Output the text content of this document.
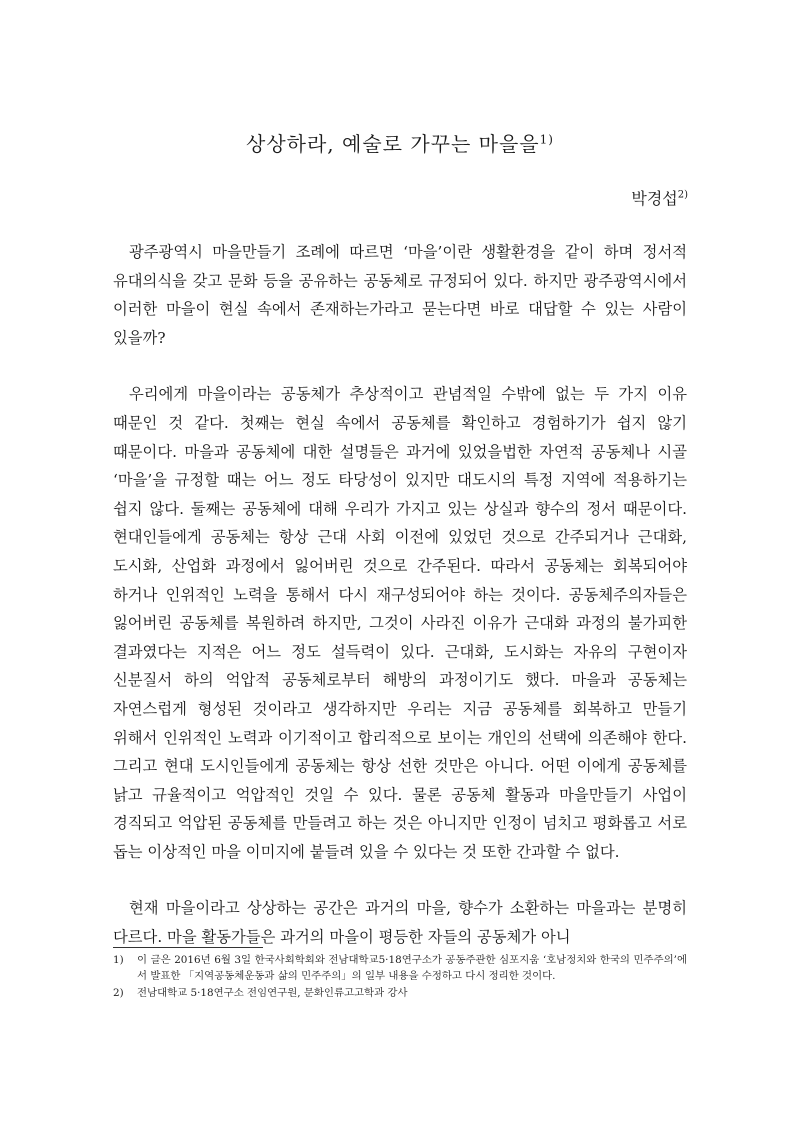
상상하라, 예술로 가꾸는 마을을$^{1)}$
박경섭$^{2)}$

광주광역시 마을만들기 조례에 따르면 ‘마을’이란 생활환경을 같이 하며 정서적 유대의식을 갖고 문화 등을 공유하는 공동체로 규정되어 있다. 하지만 광주광역시에서 이러한 마을이 현실 속에서 존재하는가라고 묻는다면 바로 대답할 수 있는 사람이 있을까?

우리에게 마을이라는 공동체가 추상적이고 관념적일 수밖에 없는 두 가지 이유 때문인 것 같다. 첫째는 현실 속에서 공동체를 확인하고 경험하기가 쉽지 않기 때문이다. 마을과 공동체에 대한 설명들은 과거에 있었을법한 자연적 공동체나 시골 ‘마을’을 규정할 때는 어느 정도 타당성이 있지만 대도시의 특정 지역에 적용하기는 쉽지 않다. 둘째는 공동체에 대해 우리가 가지고 있는 상실과 향수의 정서 때문이다. 현대인들에게 공동체는 항상 근대 사회 이전에 있었던 것으로 간주되거나 근대화, 도시화, 산업화 과정에서 잃어버린 것으로 간주된다. 따라서 공동체는 회복되어야 하거나 인위적인 노력을 통해서 다시 재구성되어야 하는 것이다. 공동체주의자들은 잃어버린 공동체를 복원하려 하지만, 그것이 사라진 이유가 근대화 과정의 불가피한 결과였다는 지적은 어느 정도 설득력이 있다. 근대화, 도시화는 자유의 구현이자 신분질서 하의 억압적 공동체로부터 해방의 과정이기도 했다. 마을과 공동체는 자연스럽게 형성된 것이라고 생각하지만 우리는 지금 공동체를 회복하고 만들기 위해서 인위적인 노력과 이기적이고 합리적으로 보이는 개인의 선택에 의존해야 한다. 그리고 현대 도시인들에게 공동체는 항상 선한 것만은 아니다. 어떤 이에게 공동체를 낡고 규율적이고 억압적인 것일 수 있다. 물론 공동체 활동과 마을만들기 사업이 경직되고 억압된 공동체를 만들려고 하는 것은 아니지만 인정이 넘치고 평화롭고 서로 돕는 이상적인 마을 이미지에 붙들려 있을 수 있다는 것 또한 간과할 수 없다.

현재 마을이라고 상상하는 공간은 과거의 마을, 향수가 소환하는 마을과는 분명히 다르다. 마을 활동가들은 과거의 마을이 평등한 자들의 공동체가 아니

1)	이 글은 2016년 6월 3일 한국사회학회와 전남대학교5·18연구소가 공동주관한 심포지움 ‘호남정치와 한국의 민주주의’에서 발표한 「지역공동체운동과 삶의 민주주의」의 일부 내용을 수정하고 다시 정리한 것이다.
2)	전남대학교 5·18연구소 전임연구원, 문화인류고고학과 강사
